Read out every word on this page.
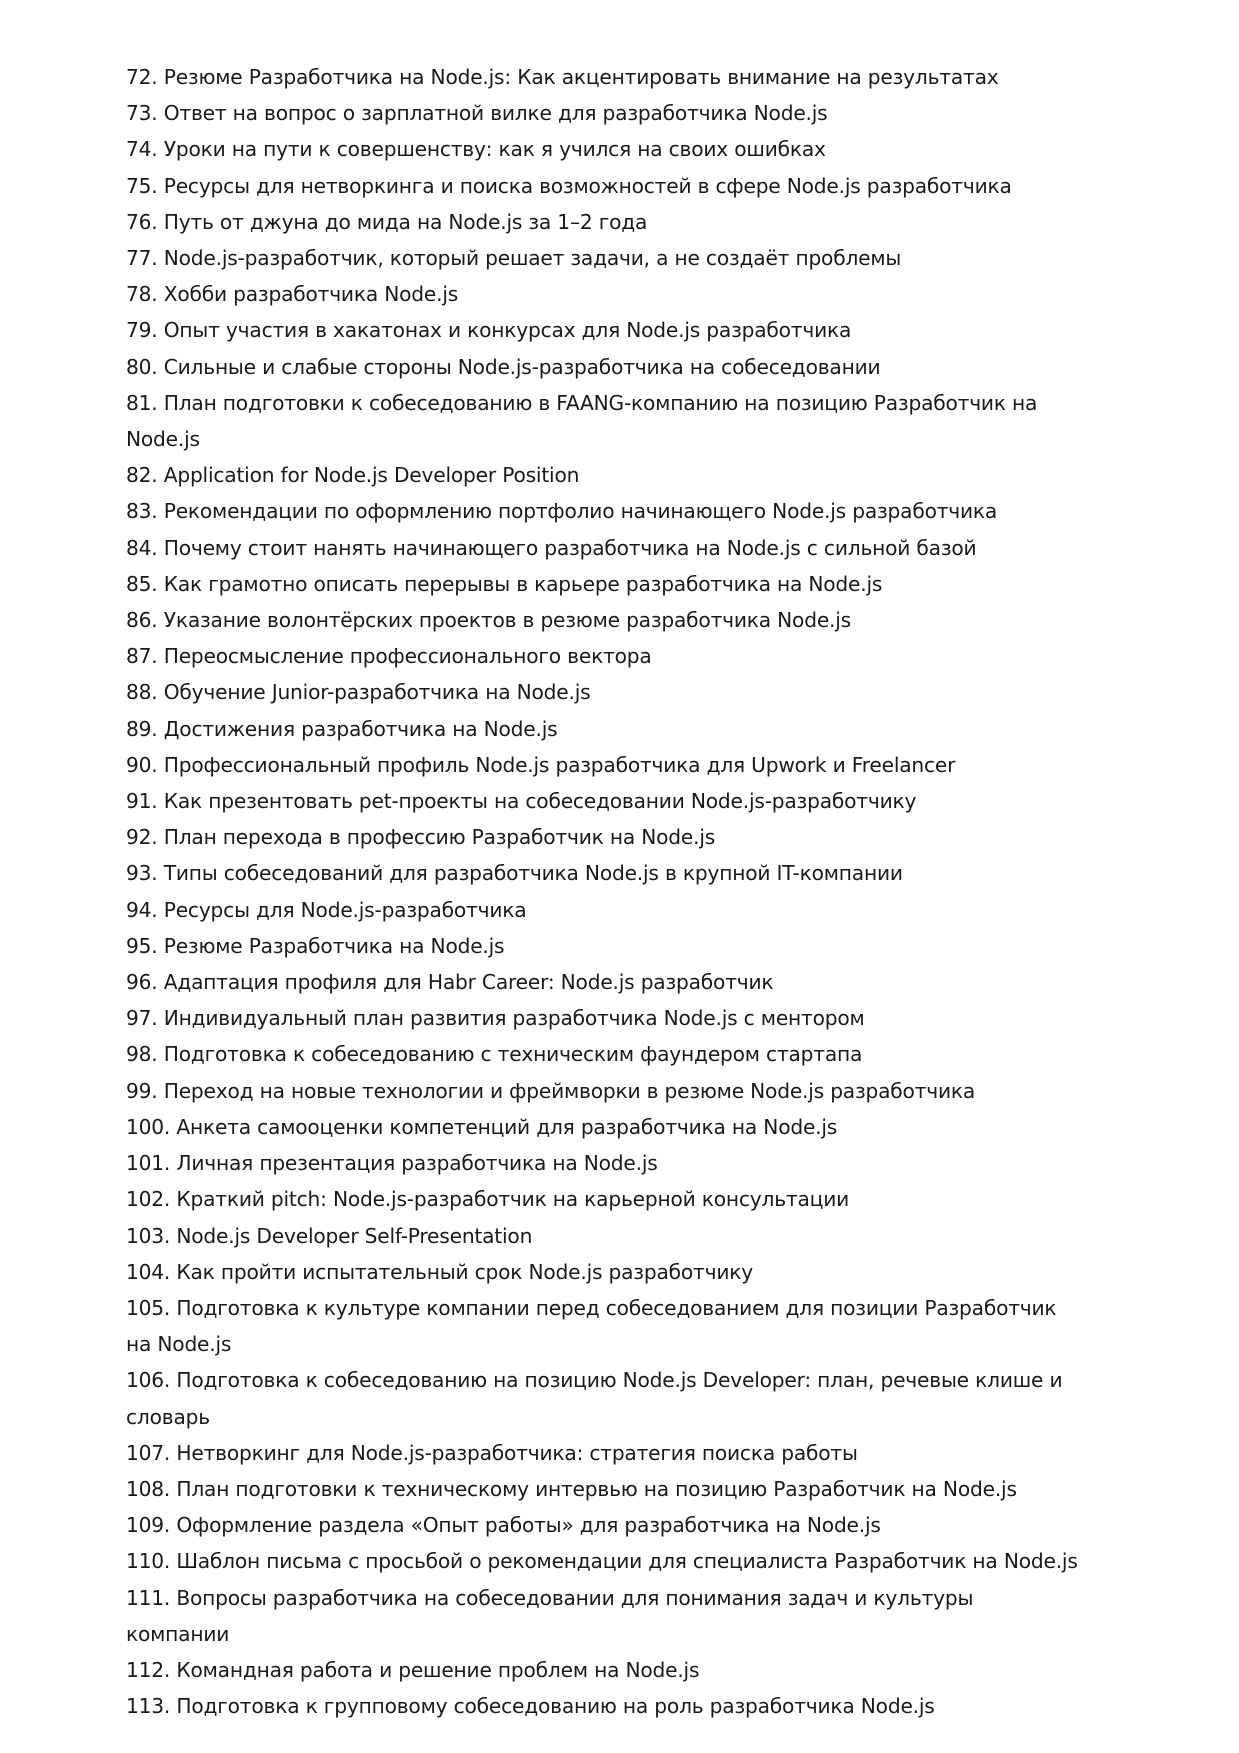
72. Резюме Разработчика на Node.js: Как акцентировать внимание на результатах
73. Ответ на вопрос о зарплатной вилке для разработчика Node.js
74. Уроки на пути к совершенству: как я учился на своих ошибках
75. Ресурсы для нетворкинга и поиска возможностей в сфере Node.js разработчика
76. Путь от джуна до мида на Node.js за 1–2 года
77. Node.js-разработчик, который решает задачи, а не создаёт проблемы
78. Хобби разработчика Node.js
79. Опыт участия в хакатонах и конкурсах для Node.js разработчика
80. Сильные и слабые стороны Node.js-разработчика на собеседовании
81. План подготовки к собеседованию в FAANG-компанию на позицию Разработчик на Node.js
82. Application for Node.js Developer Position
83. Рекомендации по оформлению портфолио начинающего Node.js разработчика
84. Почему стоит нанять начинающего разработчика на Node.js с сильной базой
85. Как грамотно описать перерывы в карьере разработчика на Node.js
86. Указание волонтёрских проектов в резюме разработчика Node.js
87. Переосмысление профессионального вектора
88. Обучение Junior-разработчика на Node.js
89. Достижения разработчика на Node.js
90. Профессиональный профиль Node.js разработчика для Upwork и Freelancer
91. Как презентовать pet-проекты на собеседовании Node.js-разработчику
92. План перехода в профессию Разработчик на Node.js
93. Типы собеседований для разработчика Node.js в крупной IT-компании
94. Ресурсы для Node.js-разработчика
95. Резюме Разработчика на Node.js
96. Адаптация профиля для Habr Career: Node.js разработчик
97. Индивидуальный план развития разработчика Node.js с ментором
98. Подготовка к собеседованию с техническим фаундером стартапа
99. Переход на новые технологии и фреймворки в резюме Node.js разработчика
100. Анкета самооценки компетенций для разработчика на Node.js
101. Личная презентация разработчика на Node.js
102. Краткий pitch: Node.js-разработчик на карьерной консультации
103. Node.js Developer Self-Presentation
104. Как пройти испытательный срок Node.js разработчику
105. Подготовка к культуре компании перед собеседованием для позиции Разработчик на Node.js
106. Подготовка к собеседованию на позицию Node.js Developer: план, речевые клише и словарь
107. Нетворкинг для Node.js-разработчика: стратегия поиска работы
108. План подготовки к техническому интервью на позицию Разработчик на Node.js
109. Оформление раздела «Опыт работы» для разработчика на Node.js
110. Шаблон письма с просьбой о рекомендации для специалиста Разработчик на Node.js
111. Вопросы разработчика на собеседовании для понимания задач и культуры компании
112. Командная работа и решение проблем на Node.js
113. Подготовка к групповому собеседованию на роль разработчика Node.js
